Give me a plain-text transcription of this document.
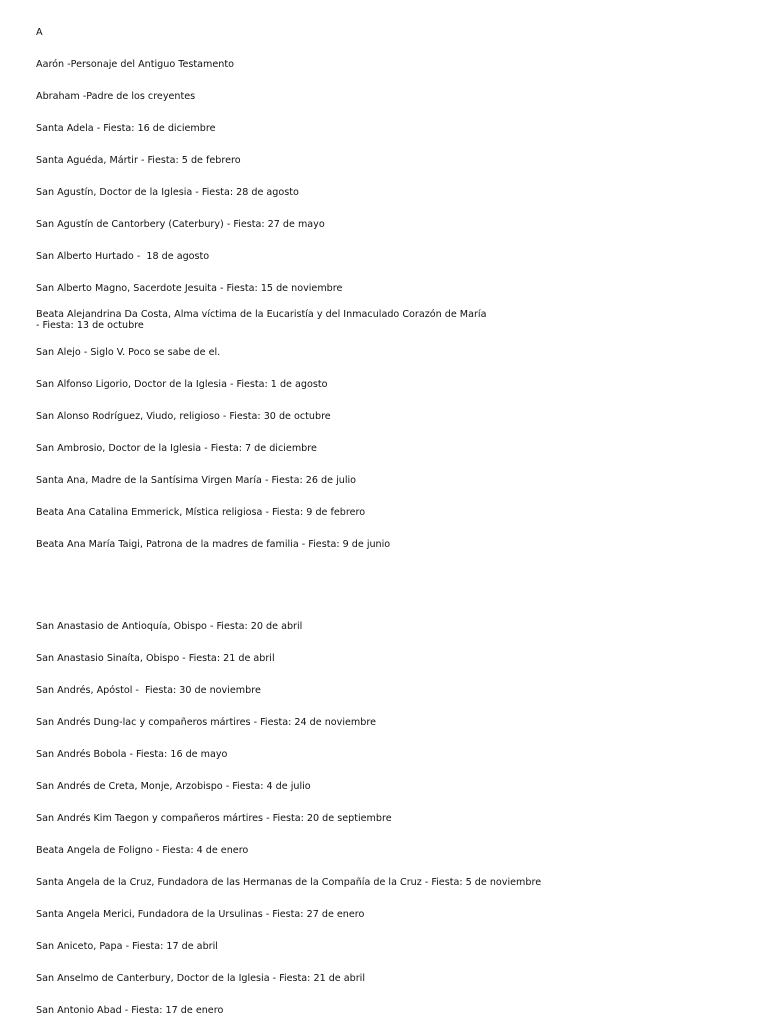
A
Aarón -Personaje del Antiguo Testamento
Abraham -Padre de los creyentes
Santa Adela - Fiesta: 16 de diciembre
Santa Aguéda, Mártir - Fiesta: 5 de febrero
San Agustín, Doctor de la Iglesia - Fiesta: 28 de agosto
San Agustín de Cantorbery (Caterbury) - Fiesta: 27 de mayo
San Alberto Hurtado -  18 de agosto
San Alberto Magno, Sacerdote Jesuita - Fiesta: 15 de noviembre
Beata Alejandrina Da Costa, Alma víctima de la Eucaristía y del Inmaculado Corazón de María
- Fiesta: 13 de octubre
San Alejo - Siglo V. Poco se sabe de el.
San Alfonso Ligorio, Doctor de la Iglesia - Fiesta: 1 de agosto
San Alonso Rodríguez, Viudo, religioso - Fiesta: 30 de octubre
San Ambrosio, Doctor de la Iglesia - Fiesta: 7 de diciembre
Santa Ana, Madre de la Santísima Virgen María - Fiesta: 26 de julio
Beata Ana Catalina Emmerick, Mística religiosa - Fiesta: 9 de febrero
Beata Ana María Taigi, Patrona de la madres de familia - Fiesta: 9 de junio
San Anastasio de Antioquía, Obispo - Fiesta: 20 de abril
San Anastasio Sinaíta, Obispo - Fiesta: 21 de abril
San Andrés, Apóstol -  Fiesta: 30 de noviembre
San Andrés Dung-lac y compañeros mártires - Fiesta: 24 de noviembre
San Andrés Bobola - Fiesta: 16 de mayo
San Andrés de Creta, Monje, Arzobispo - Fiesta: 4 de julio
San Andrés Kim Taegon y compañeros mártires - Fiesta: 20 de septiembre
Beata Angela de Foligno - Fiesta: 4 de enero
Santa Angela de la Cruz, Fundadora de las Hermanas de la Compañía de la Cruz - Fiesta: 5 de noviembre
Santa Angela Merici, Fundadora de la Ursulinas - Fiesta: 27 de enero
San Aniceto, Papa - Fiesta: 17 de abril
San Anselmo de Canterbury, Doctor de la Iglesia - Fiesta: 21 de abril
San Antonio Abad - Fiesta: 17 de enero
